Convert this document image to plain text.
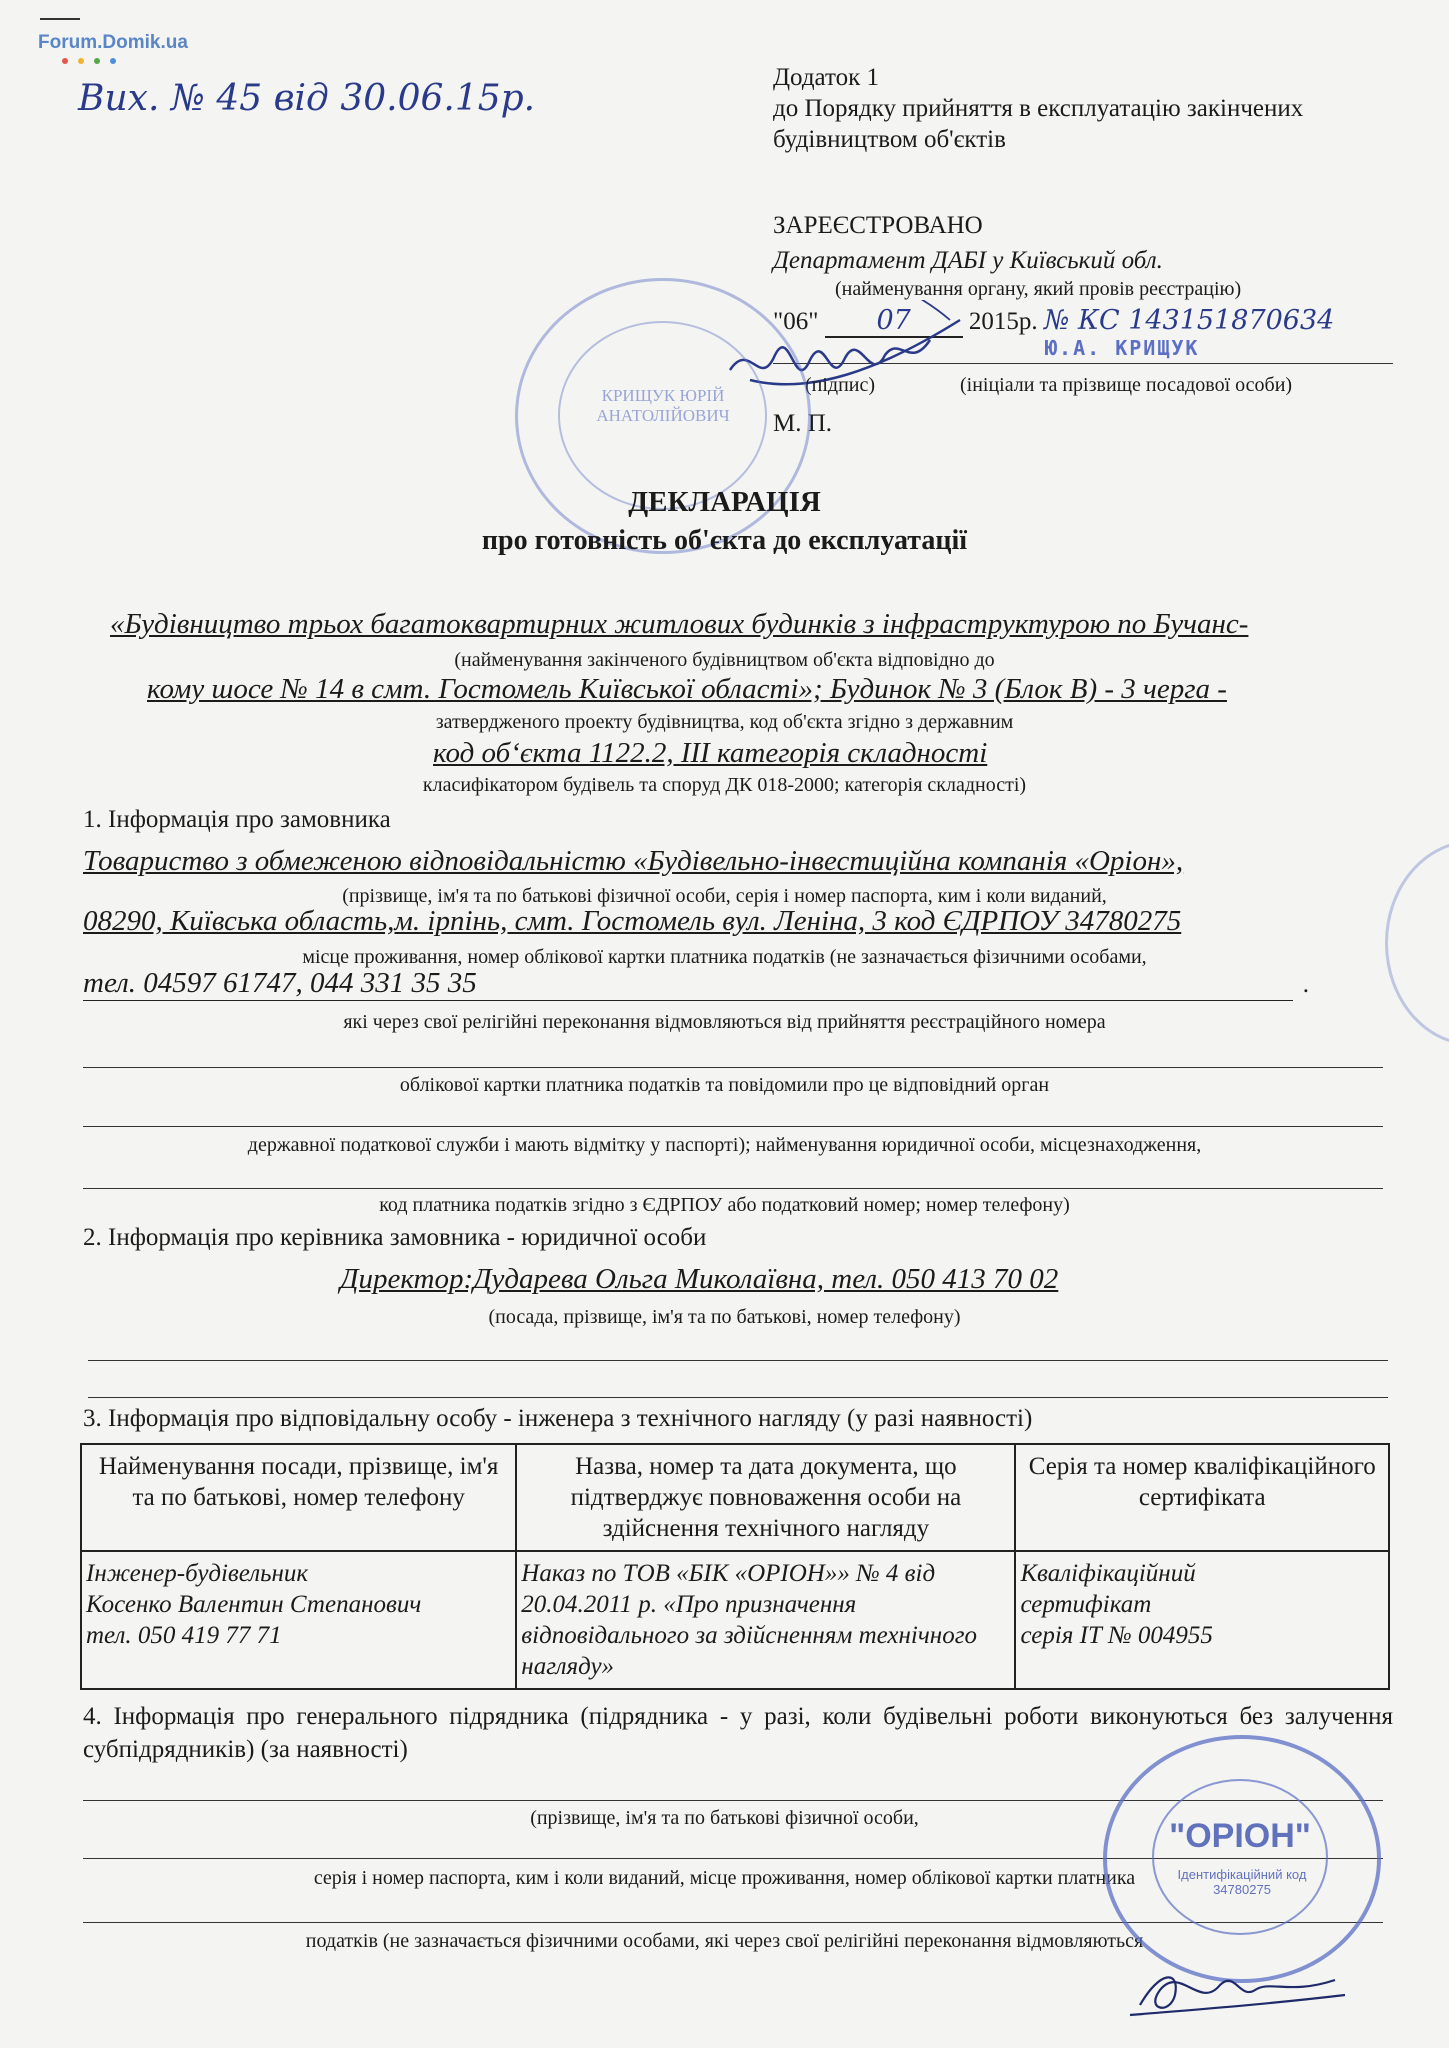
Forum.Domik.ua
Вих. № 45 від 30.06.15р.
Додаток 1
до Порядку прийняття в експлуатацію закінчених
будівництвом об'єктів
ЗАРЕЄСТРОВАНО
Департамент ДАБІ у Київський обл.
(найменування органу, який провів реєстрацію)
"06" 07 2015р. № КС 143151870634
Ю.А. КРИЩУК
(підпис)	(ініціали та прізвище посадової особи)
М. П.
КРИЩУК ЮРІЙ АНАТОЛІЙОВИЧ
ДЕКЛАРАЦІЯ
про готовність об'єкта до експлуатації
«Будівництво трьох багатоквартирних житлових будинків з інфраструктурою по Бучанс-
(найменування закінченого будівництвом об'єкта відповідно до
кому шосе № 14 в смт. Гостомель Київської області»; Будинок № 3 (Блок В) - 3 черга -
затвердженого проекту будівництва, код об'єкта згідно з державним
код об‘єкта 1122.2, ІІІ категорія складності
класифікатором будівель та споруд ДК 018-2000; категорія складності)
1. Інформація про замовника
Товариство з обмеженою відповідальністю «Будівельно-інвестиційна компанія «Оріон»,
(прізвище, ім'я та по батькові фізичної особи, серія і номер паспорта, ким і коли виданий,
08290, Київська область,м. ірпінь, смт. Гостомель вул. Леніна, 3 код ЄДРПОУ 34780275
місце проживання, номер облікової картки платника податків (не зазначається фізичними особами,
тел. 04597 61747, 044 331 35 35	.
які через свої релігійні переконання відмовляються від прийняття реєстраційного номера
облікової картки платника податків та повідомили про це відповідний орган
державної податкової служби і мають відмітку у паспорті); найменування юридичної особи, місцезнаходження,
код платника податків згідно з ЄДРПОУ або податковий номер; номер телефону)
2. Інформація про керівника замовника - юридичної особи
Директор:Дударева Ольга Миколаївна, тел. 050 413 70 02
(посада, прізвище, ім'я та по батькові, номер телефону)
3. Інформація про відповідальну особу - інженера з технічного нагляду (у разі наявності)
Найменування посади, прізвище, ім'я та по батькові, номер телефону	Назва, номер та дата документа, що підтверджує повноваження особи на здійснення технічного нагляду	Серія та номер кваліфікаційного сертифіката
Інженер-будівельник
Косенко Валентин Степанович
тел. 050 419 77 71	Наказ по ТОВ «БІК «ОРІОН»» № 4 від 20.04.2011 р. «Про призначення відповідального за здійсненням технічного нагляду»	Кваліфікаційний
сертифікат
серія ІТ № 004955
4. Інформація про генерального підрядника (підрядника - у разі, коли будівельні роботи виконуються без залучення субпідрядників) (за наявності)
(прізвище, ім'я та по батькові фізичної особи,
серія і номер паспорта, ким і коли виданий, місце проживання, номер облікової картки платника
податків (не зазначається фізичними особами, які через свої релігійні переконання відмовляються
"ОРІОН"
Ідентифікаційний код 34780275
